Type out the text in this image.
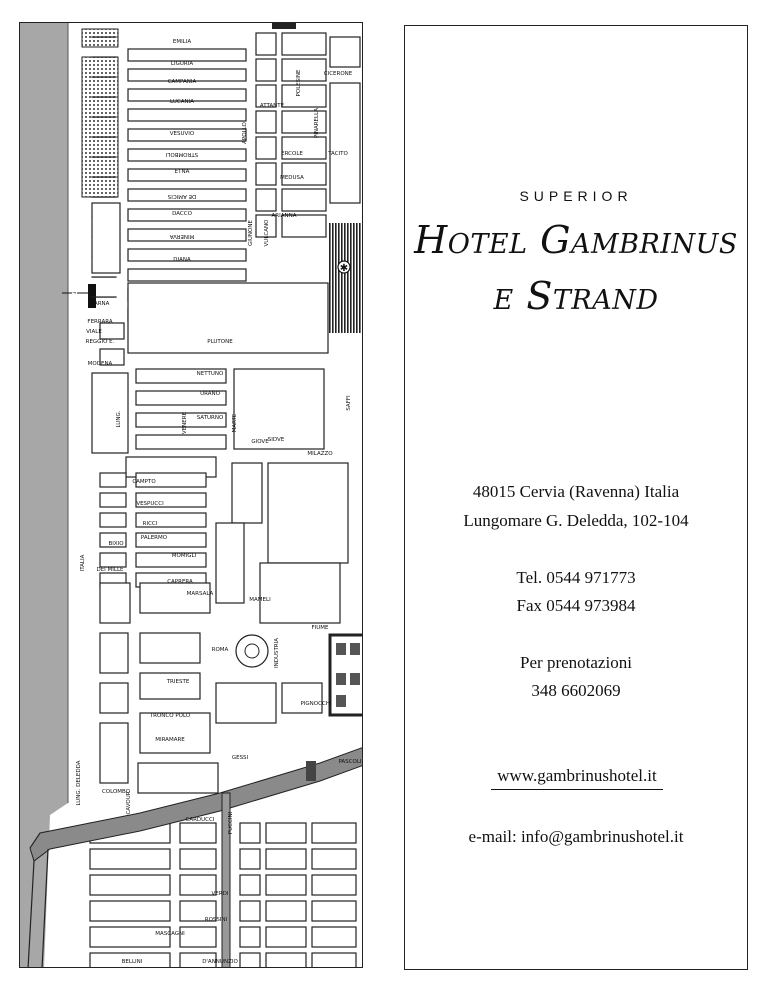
✱
EMILIA
LIGURIA
CAMPANIA
LUCANIA
VESUVIO
STROMBOLI
ETNA
DE AMICIS
DACCO
MINERVA
DIANA
VARNA
FERRARA
REGGIO E.
MODENA
POLESINE	CICERONE
ATTANTE
PINARELLA
ERCOLE
MEDUSA
TACITO
APOLLO
GIUNONE VULCANO
ARIANNA
GIOVE
NETTUNO
URANO
SATURNO
VENERE
PLUTONE
MARTE
SIDVE
MILAZZO
CAMPTO
VESPUCCI
RICCI
PALERMO
MOMIGLI
CAPRERA
MARSALA
MAMELI
BIXIO
DEI MILLE
FIUME
ROMA
TRIESTE
INDUSTRIA
PIGNOCCHI
TRONCO POLO
MIRAMARE
GESSI
COLOMBO
CAVOUR
PASCOLI
PUCCINI
VERDI
ROSSINI
MASCAGNI
BELLINI	D'ANNUNZIO
LUNG. DELEDDA
ITALIA
LUNG.
VIALE
CARDUCCI
SAFFI
Hotel Gambrinus e Strand
SUPERIOR
Hotel Gambrinus
e Strand
48015 Cervia (Ravenna) Italia
Lungomare G. Deledda, 102-104
Tel. 0544 971773
Fax 0544 973984
Per prenotazioni
348 6602069
www.gambrinushotel.it
e-mail: info@gambrinushotel.it
